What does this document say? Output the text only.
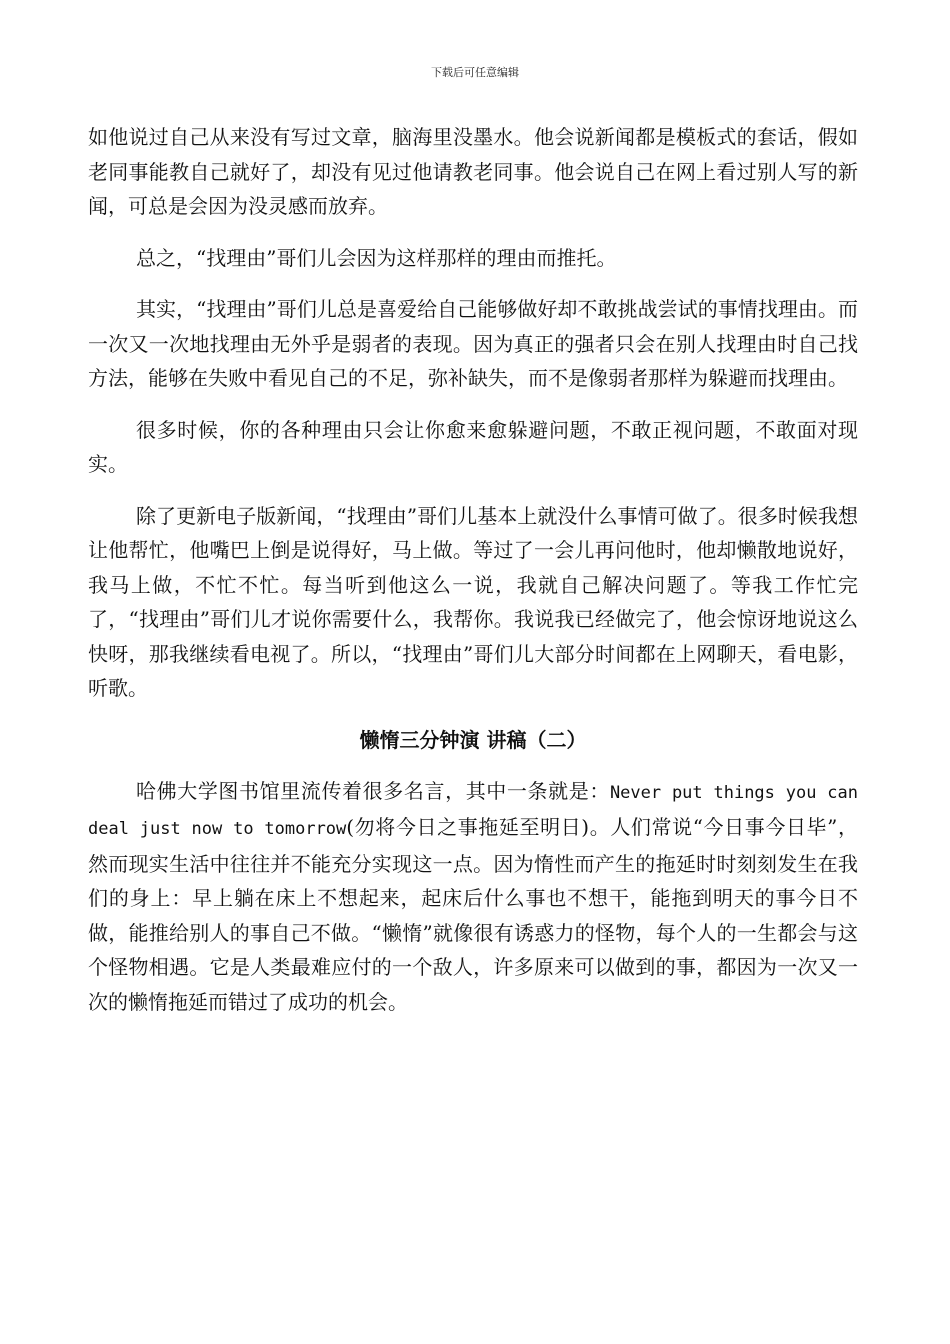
下载后可任意编辑

如他说过自己从来没有写过文章，脑海里没墨水。他会说新闻都是模板式的套话，假如老同事能教自己就好了，却没有见过他请教老同事。他会说自己在网上看过别人写的新闻，可总是会因为没灵感而放弃。

总之，“找理由”哥们儿会因为这样那样的理由而推托。

其实，“找理由”哥们儿总是喜爱给自己能够做好却不敢挑战尝试的事情找理由。而一次又一次地找理由无外乎是弱者的表现。因为真正的强者只会在别人找理由时自己找方法，能够在失败中看见自己的不足，弥补缺失，而不是像弱者那样为躲避而找理由。

很多时候，你的各种理由只会让你愈来愈躲避问题，不敢正视问题，不敢面对现实。

除了更新电子版新闻，“找理由”哥们儿基本上就没什么事情可做了。很多时候我想让他帮忙，他嘴巴上倒是说得好，马上做。等过了一会儿再问他时，他却懒散地说好，我马上做，不忙不忙。每当听到他这么一说，我就自己解决问题了。等我工作忙完了，“找理由”哥们儿才说你需要什么，我帮你。我说我已经做完了，他会惊讶地说这么快呀，那我继续看电视了。所以，“找理由”哥们儿大部分时间都在上网聊天，看电影，听歌。

懒惰三分钟演 讲稿（二）

哈佛大学图书馆里流传着很多名言，其中一条就是：Never put things you can deal just now to tomorrow(勿将今日之事拖延至明日)。人们常说“今日事今日毕”，然而现实生活中往往并不能充分实现这一点。因为惰性而产生的拖延时时刻刻发生在我们的身上：早上躺在床上不想起来，起床后什么事也不想干，能拖到明天的事今日不做，能推给别人的事自己不做。“懒惰”就像很有诱惑力的怪物，每个人的一生都会与这个怪物相遇。它是人类最难应付的一个敌人，许多原来可以做到的事，都因为一次又一次的懒惰拖延而错过了成功的机会。
